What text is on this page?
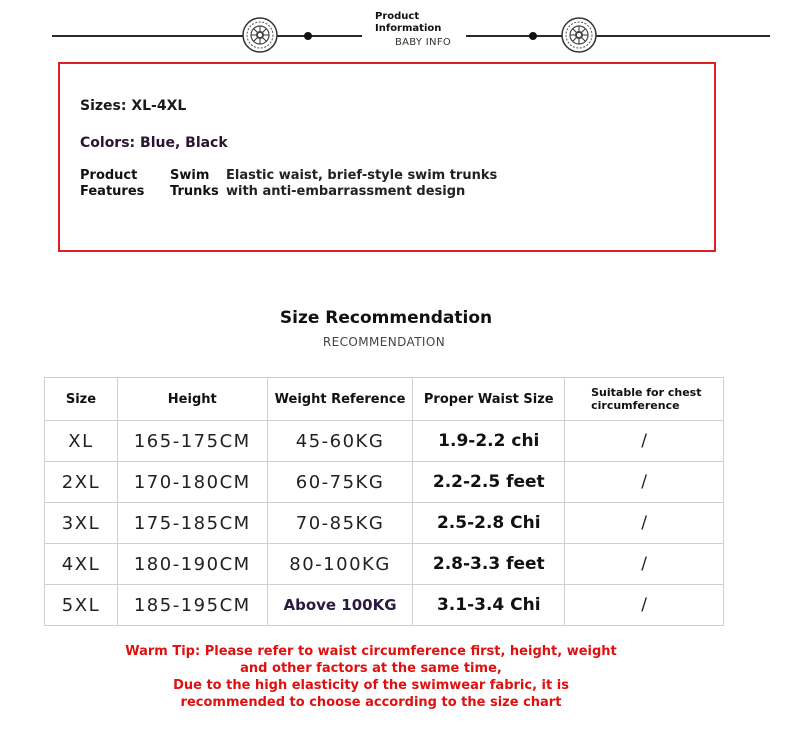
Product
Information
BABY INFO
Sizes: XL-4XL
Colors: Blue, Black
Product
Features
Swim
Trunks
Elastic waist, brief-style swim trunks
with anti-embarrassment design
Size Recommendation
RECOMMENDATION
Size	Height	Weight Reference	Proper Waist Size	Suitable for chest
circumference

XL	165-175CM	45-60KG	1.9-2.2 chi	/
2XL	170-180CM	60-75KG	2.2-2.5 feet	/
3XL	175-185CM	70-85KG	2.5-2.8 Chi	/
4XL	180-190CM	80-100KG	2.8-3.3 feet	/
5XL	185-195CM	Above 100KG	3.1-3.4 Chi	/
Warm Tip: Please refer to waist circumference first, height, weight
and other factors at the same time,
Due to the high elasticity of the swimwear fabric, it is
recommended to choose according to the size chart
